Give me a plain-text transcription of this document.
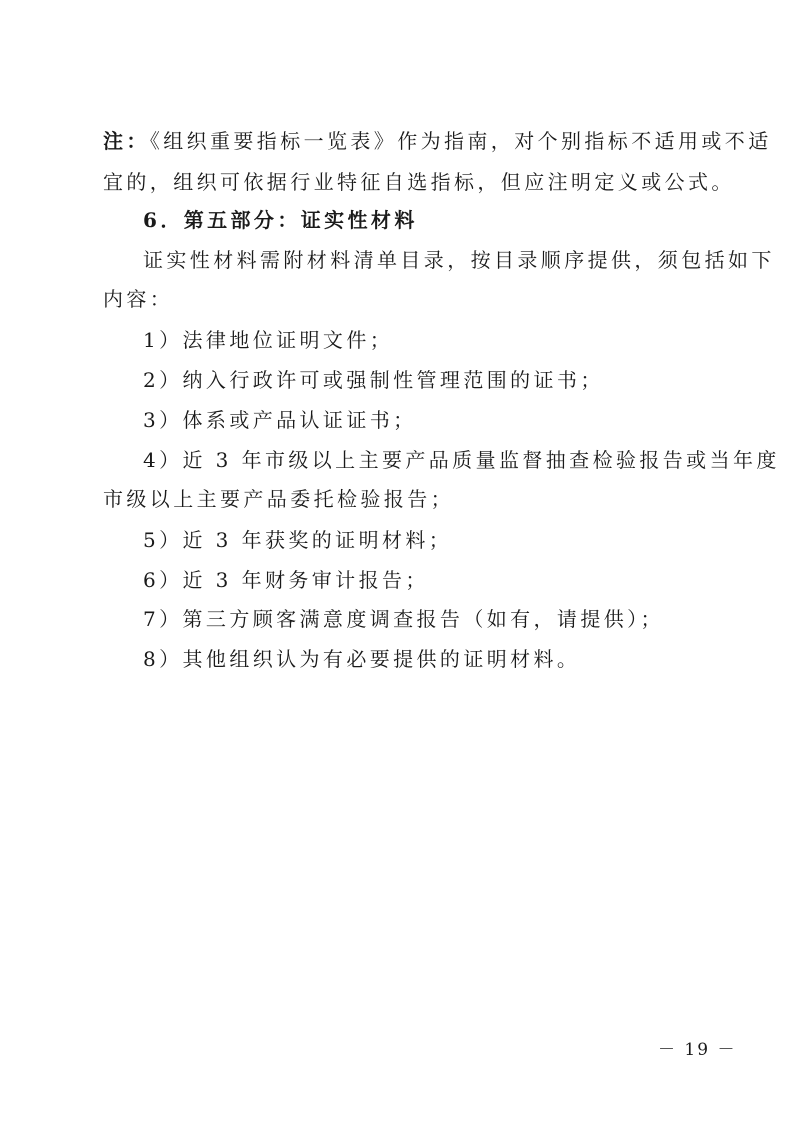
注：《组织重要指标一览表》作为指南，对个别指标不适用或不适
宜的，组织可依据行业特征自选指标，但应注明定义或公式。
6．第五部分：证实性材料
证实性材料需附材料清单目录，按目录顺序提供，须包括如下
内容：
1）法律地位证明文件；
2）纳入行政许可或强制性管理范围的证书；
3）体系或产品认证证书；
4）近 3 年市级以上主要产品质量监督抽查检验报告或当年度
市级以上主要产品委托检验报告；
5）近 3 年获奖的证明材料；
6）近 3 年财务审计报告；
7）第三方顾客满意度调查报告（如有，请提供）；
8）其他组织认为有必要提供的证明材料。
－ 19 －
